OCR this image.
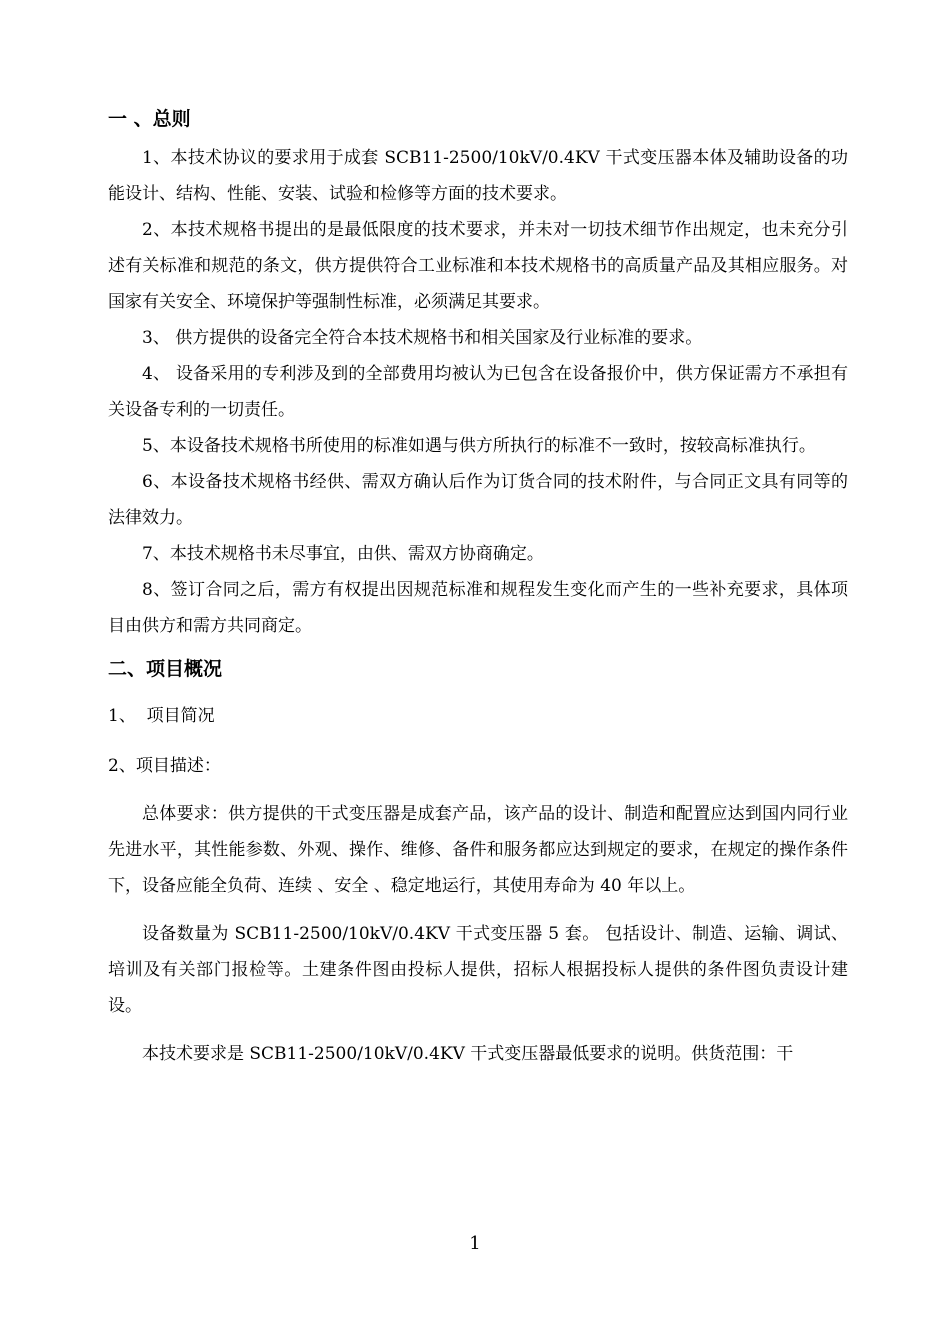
一 、总则

1、本技术协议的要求用于成套 SCB11-2500/10kV/0.4KV 干式变压器本体及辅助设备的功能设计、结构、性能、安装、试验和检修等方面的技术要求。

2、本技术规格书提出的是最低限度的技术要求，并未对一切技术细节作出规定，也未充分引述有关标准和规范的条文，供方提供符合工业标准和本技术规格书的高质量产品及其相应服务。对国家有关安全、环境保护等强制性标准，必须满足其要求。

3、 供方提供的设备完全符合本技术规格书和相关国家及行业标准的要求。

4、 设备采用的专利涉及到的全部费用均被认为已包含在设备报价中，供方保证需方不承担有关设备专利的一切责任。

5、本设备技术规格书所使用的标准如遇与供方所执行的标准不一致时，按较高标准执行。

6、本设备技术规格书经供、需双方确认后作为订货合同的技术附件，与合同正文具有同等的法律效力。

7、本技术规格书未尽事宜，由供、需双方协商确定。

8、签订合同之后，需方有权提出因规范标准和规程发生变化而产生的一些补充要求，具体项目由供方和需方共同商定。

二、项目概况

1、  项目简况

2、项目描述：

总体要求：供方提供的干式变压器是成套产品，该产品的设计、制造和配置应达到国内同行业先进水平，其性能参数、外观、操作、维修、备件和服务都应达到规定的要求，在规定的操作条件下，设备应能全负荷、连续 、安全 、稳定地运行，其使用寿命为 40 年以上。

设备数量为 SCB11-2500/10kV/0.4KV 干式变压器 5 套。 包括设计、制造、运输、调试、培训及有关部门报检等。土建条件图由投标人提供，招标人根据投标人提供的条件图负责设计建设。

本技术要求是 SCB11-2500/10kV/0.4KV 干式变压器最低要求的说明。供货范围：干

1
